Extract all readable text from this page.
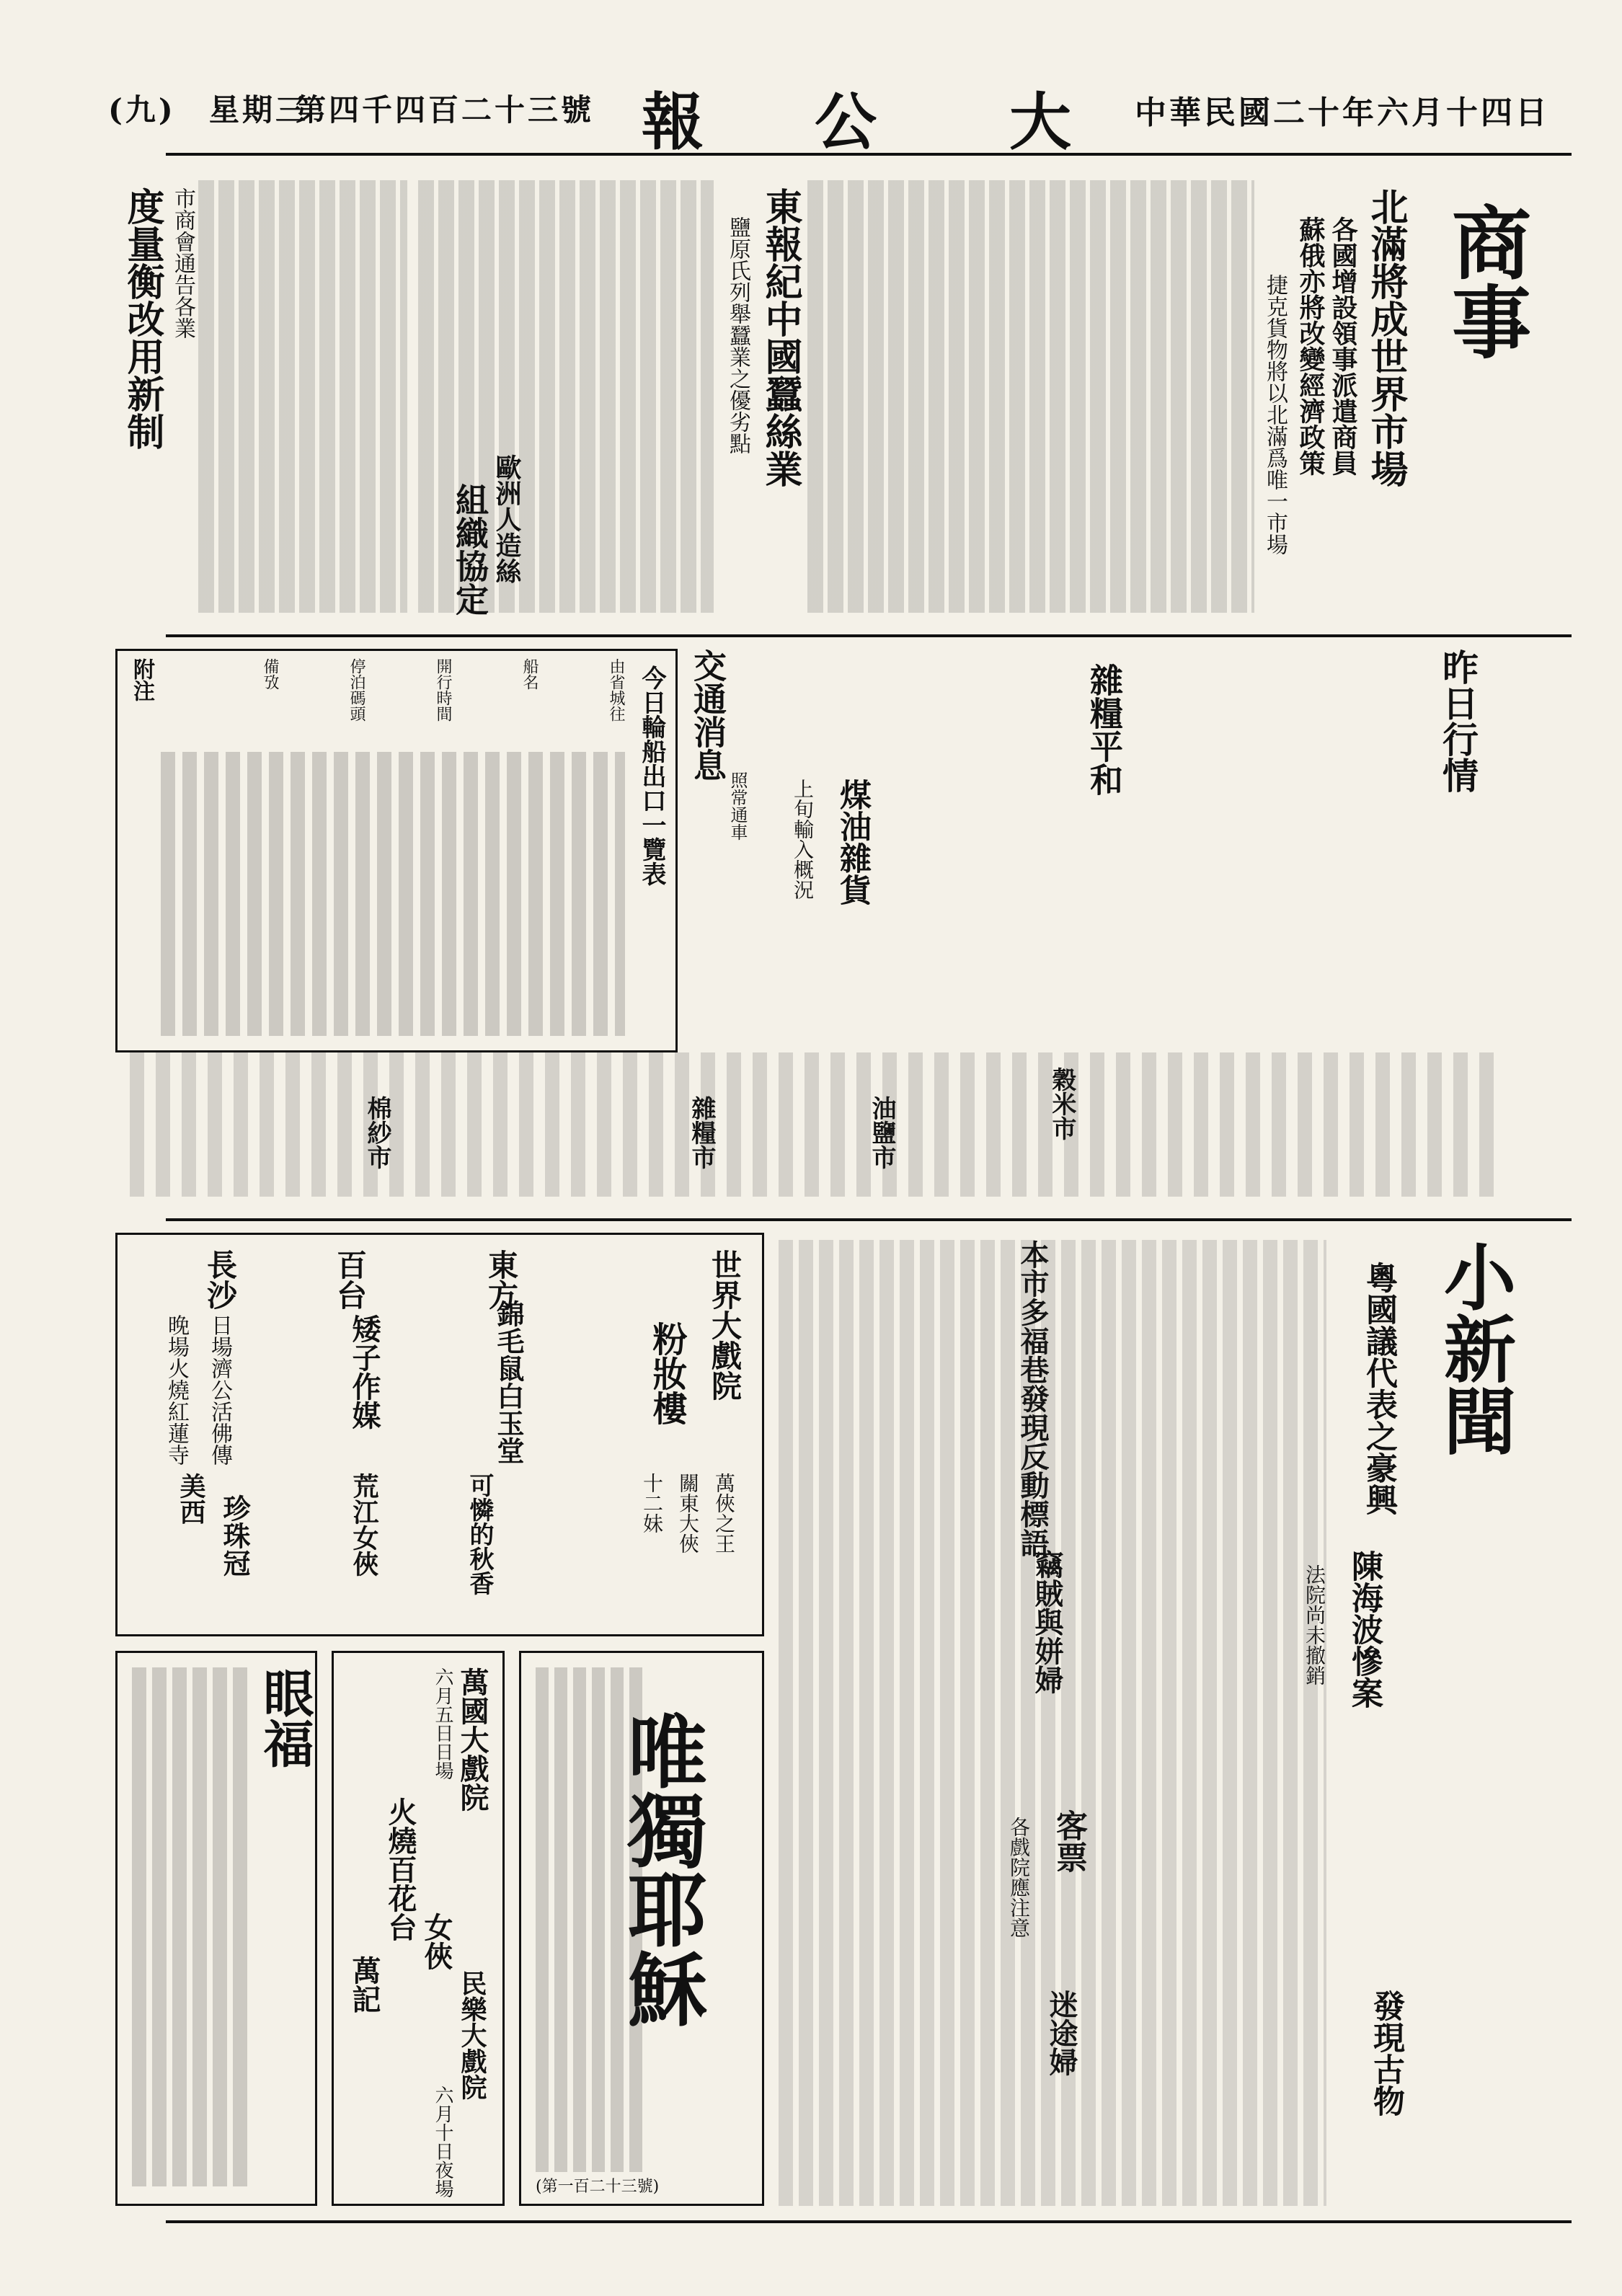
中華民國二十年六月十四日
大
公
報
第四千四百二十三號
星期三
(九)
商事
北滿將成世界市場
各國增設領事派遣商員
蘇俄亦將改變經濟政策
捷克貨物將以北滿爲唯一市場
東報紀中國蠶絲業
鹽原氏列舉蠶業之優劣點
歐洲人造絲
組織協定
度量衡改用新制 市商會通告各業
昨日行情
雜糧平和
煤油雜貨
上旬輸入概況
交通消息
照常通車
今日輪船出口一覽表
由省城往
船名
開行時間
停泊碼頭
備攷
附注
穀米市
油鹽市
雜糧市
棉紗市
小新聞
粵國議代表之豪興
本市多福巷發現反動標語
陳海波慘案
法院尚未撤銷
竊賊與姘婦
客票
各戲院應注意
迷途婦	發現古物
世界大戲院
粉妝樓
萬俠之王
關東大俠
十二妹
東方
錦毛鼠白玉堂
可憐的秋香
百台
矮子作媒
荒江女俠
長沙
日場濟公活佛傳
晚場火燒紅蓮寺
美西 珍珠冠
萬國大戲院
六月五日日場
火燒百花台 女俠
萬記	民樂大戲院
六月十日夜場
眼福	唯獨耶穌
(第一百二十三號)
